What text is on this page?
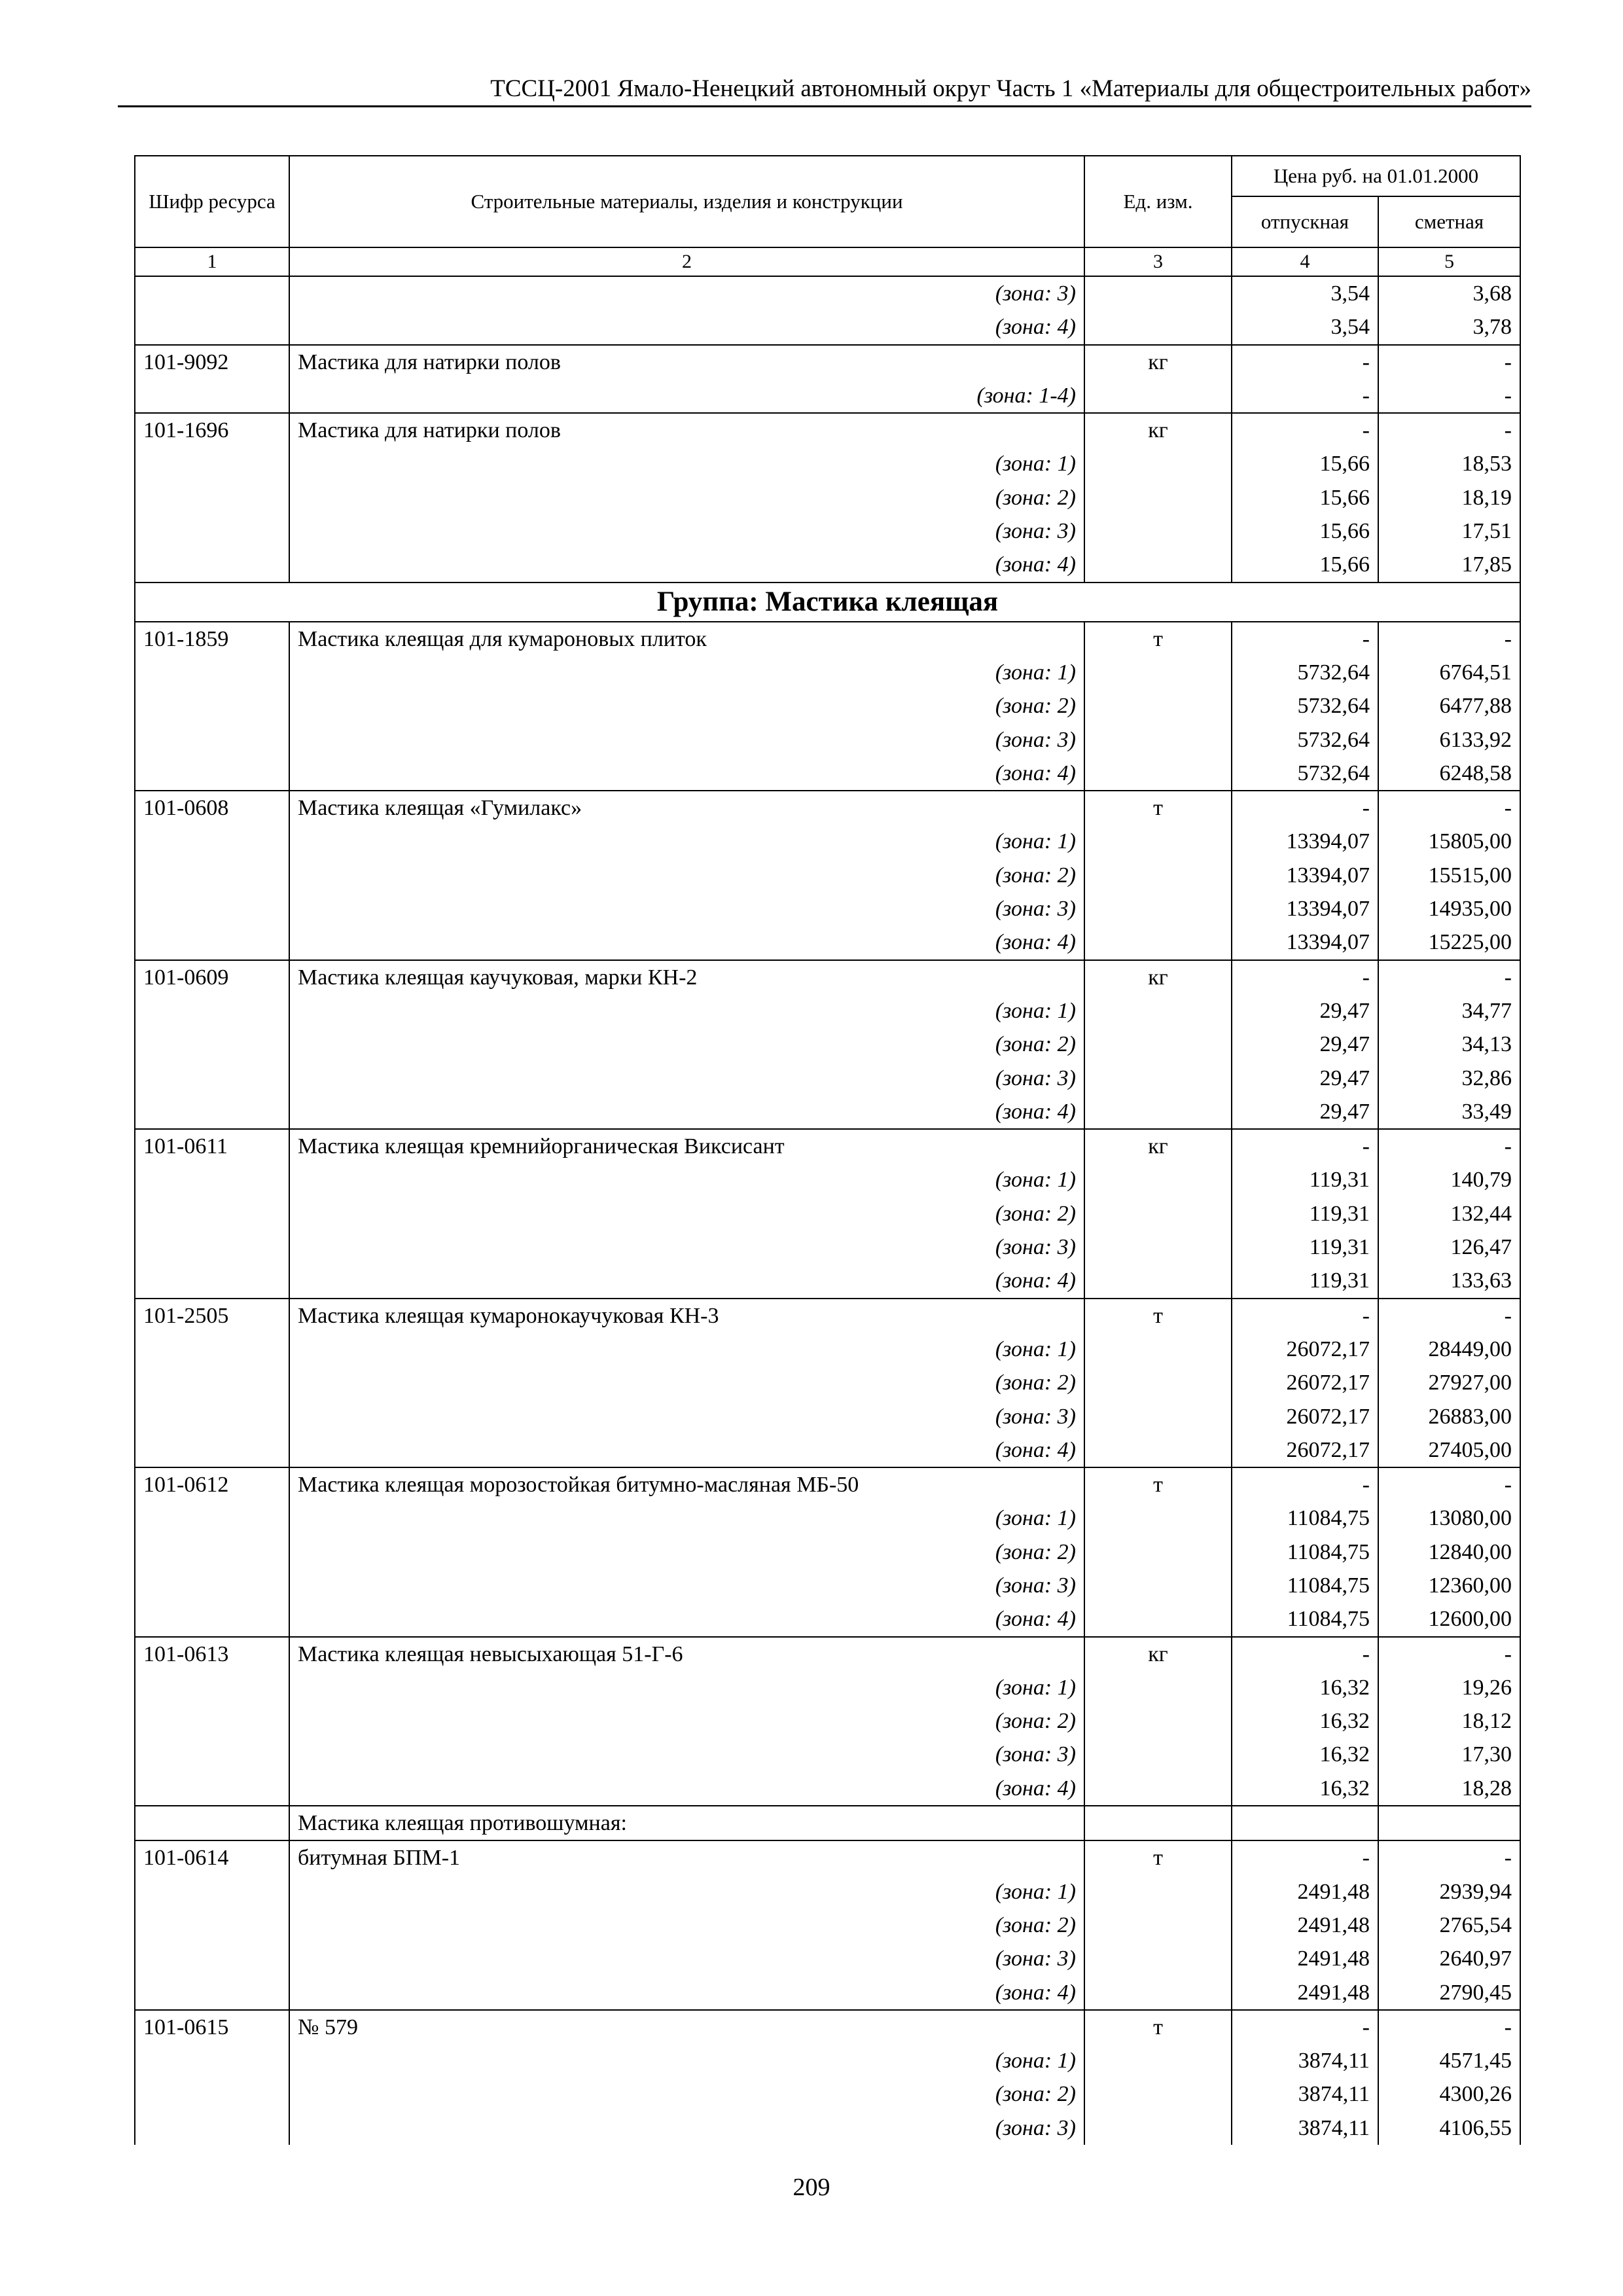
ТССЦ-2001 Ямало-Ненецкий автономный округ Часть 1 «Материалы для общестроительных работ»
Шифр ресурса	Строительные материалы, изделия и конструкции	Ед. изм.	Цена руб. на 01.01.2000	
			отпускная	сметная
1	2	3	4	5
	(зона: 3)		3,54	3,68
	(зона: 4)		3,54	3,78
101-9092	Мастика для натирки полов	кг	-	-
	(зона: 1-4)		-	-
101-1696	Мастика для натирки полов	кг	-	-
	(зона: 1)		15,66	18,53
	(зона: 2)		15,66	18,19
	(зона: 3)		15,66	17,51
	(зона: 4)		15,66	17,85
Группа: Мастика клеящая				
101-1859	Мастика клеящая для кумароновых плиток	т	-	-
	(зона: 1)		5732,64	6764,51
	(зона: 2)		5732,64	6477,88
	(зона: 3)		5732,64	6133,92
	(зона: 4)		5732,64	6248,58
101-0608	Мастика клеящая «Гумилакс»	т	-	-
	(зона: 1)		13394,07	15805,00
	(зона: 2)		13394,07	15515,00
	(зона: 3)		13394,07	14935,00
	(зона: 4)		13394,07	15225,00
101-0609	Мастика клеящая каучуковая, марки КН-2	кг	-	-
	(зона: 1)		29,47	34,77
	(зона: 2)		29,47	34,13
	(зона: 3)		29,47	32,86
	(зона: 4)		29,47	33,49
101-0611	Мастика клеящая кремнийорганическая Виксисант	кг	-	-
	(зона: 1)		119,31	140,79
	(зона: 2)		119,31	132,44
	(зона: 3)		119,31	126,47
	(зона: 4)		119,31	133,63
101-2505	Мастика клеящая кумаронокаучуковая КН-3	т	-	-
	(зона: 1)		26072,17	28449,00
	(зона: 2)		26072,17	27927,00
	(зона: 3)		26072,17	26883,00
	(зона: 4)		26072,17	27405,00
101-0612	Мастика клеящая морозостойкая битумно-масляная МБ-50	т	-	-
	(зона: 1)		11084,75	13080,00
	(зона: 2)		11084,75	12840,00
	(зона: 3)		11084,75	12360,00
	(зона: 4)		11084,75	12600,00
101-0613	Мастика клеящая невысыхающая 51-Г-6	кг	-	-
	(зона: 1)		16,32	19,26
	(зона: 2)		16,32	18,12
	(зона: 3)		16,32	17,30
	(зона: 4)		16,32	18,28
	Мастика клеящая противошумная:			
101-0614	битумная БПМ-1	т	-	-
	(зона: 1)		2491,48	2939,94
	(зона: 2)		2491,48	2765,54
	(зона: 3)		2491,48	2640,97
	(зона: 4)		2491,48	2790,45
101-0615	№ 579	т	-	-
	(зона: 1)		3874,11	4571,45
	(зона: 2)		3874,11	4300,26
	(зона: 3)		3874,11	4106,55
209
